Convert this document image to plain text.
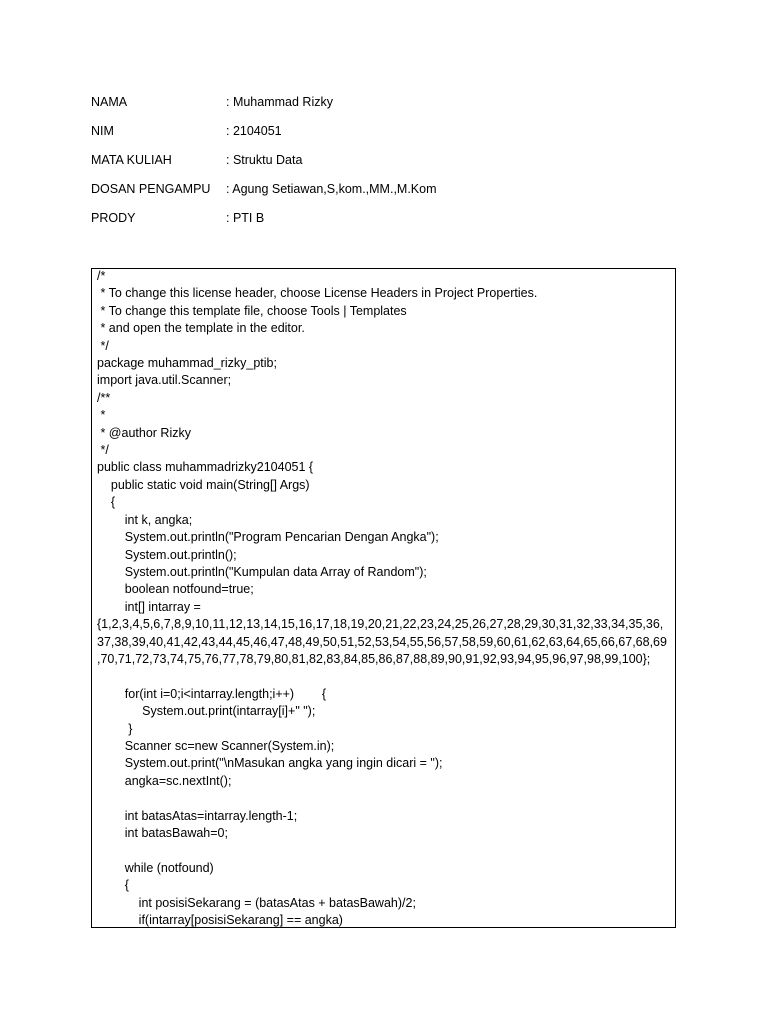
NAMA	: Muhammad Rizky
NIM	: 2104051
MATA KULIAH	: Struktu Data
DOSAN PENGAMPU : Agung Setiawan,S,kom.,MM.,M.Kom
PRODY	: PTI B
/*
* To change this license header, choose License Headers in Project Properties.
* To change this template file, choose Tools | Templates
* and open the template in the editor.
*/
package muhammad_rizky_ptib;
import java.util.Scanner;
/**
*
* @author Rizky
*/
public class muhammadrizky2104051 {
public static void main(String[] Args)
{
int k, angka;
System.out.println("Program Pencarian Dengan Angka");
System.out.println();
System.out.println("Kumpulan data Array of Random");
boolean notfound=true;
int[] intarray =
{1,2,3,4,5,6,7,8,9,10,11,12,13,14,15,16,17,18,19,20,21,22,23,24,25,26,27,28,29,30,31,32,33,34,35,36,
37,38,39,40,41,42,43,44,45,46,47,48,49,50,51,52,53,54,55,56,57,58,59,60,61,62,63,64,65,66,67,68,69
,70,71,72,73,74,75,76,77,78,79,80,81,82,83,84,85,86,87,88,89,90,91,92,93,94,95,96,97,98,99,100};
for(int i=0;i<intarray.length;i++)        {
System.out.print(intarray[i]+" ");
}
Scanner sc=new Scanner(System.in);
System.out.print("\nMasukan angka yang ingin dicari = ");
angka=sc.nextInt();
int batasAtas=intarray.length-1;
int batasBawah=0;
while (notfound)
{
int posisiSekarang = (batasAtas + batasBawah)/2;
if(intarray[posisiSekarang] == angka)
